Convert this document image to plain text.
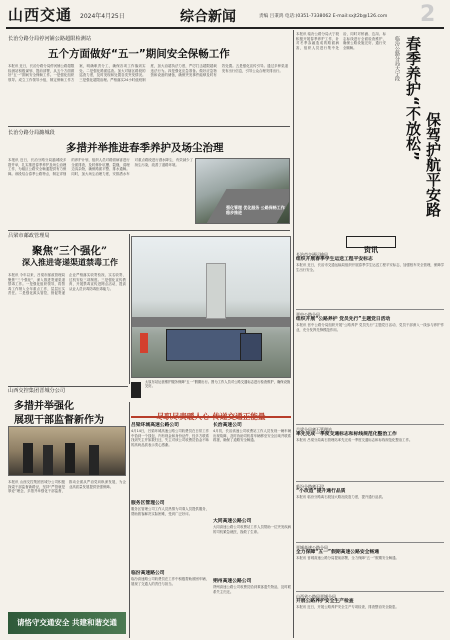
山西交通 2024年4月25日	综合新闻	责编 吕秉鸿 电话:(0351-7338062 E-mail:sxjt2b@126.com 2
长治分路分局停河铺公路超限检测站
五个方面做好“五一”期间安全保畅工作
本报讯 近日，长治分路分局停河铺公路超限检测站积极谋划、提前部署，从五个方面做好“五一”期间安全保畅工作。一是强化组织领导。成立工作领导小组，制定保畅工作方案，明确职责分工，确保各项工作落到实处。二是强化路面巡查。加大对辖区路段的巡查力度，及时发现和处置各类突发情况。三是强化超限治理。严格落实24小时值班制度，加大治超执法力度，严厉打击超限超载违法行为。四是强化应急准备。做好应急物资和设备的储备，确保突发事件能够及时有效处置。五是强化宣传引导。通过多种渠道发布出行信息，引导公众合理安排出行。
长治分路分局潞城段
多措并举推进春季养护及场尘治理
本报讯 近日，长治分路分局潞城段多措并举，扎实推进春季养护及场尘治理工作，为辖区公路安全畅通提供有力保障。该段结合春季公路特点，制定详细的养护计划，组织人员对路面病害进行全面排查，及时修补坑槽、裂缝，清理边沟杂物，确保路面平整、排水通畅。同时，加大场尘治理力度，安排洒水车对重点路段进行洒水降尘，有效减少了扬尘污染，改善了道路环境。
强化管理 优化服务 公路保畅工作稳步推进
本报讯 临汾公路分局大宁段积极开展春季养护工作，针对冬季冻融造成的路面病害，组织人员进行集中处治，同时对桥涵、边沟、标志标线进行全面检查维护，确保公路设施完好、通行安全顺畅。	临汾公路分局大宁段 春季养护“不放松”
保驾护航平安路
资讯
长治市交通运输局
组织开展春季学生运送工程平安标志
本报讯 近日，长治市交通运输局组织开展春季学生运送工程平安标志，加强校车安全管理，保障学生出行安全。
晋中公路分局
组织开展“公路养护 党员先行”主题党日活动
本报讯 晋中公路分局组织开展“公路养护 党员先行”主题党日活动，党员干部深入一线参与养护作业，充分发挥先锋模范作用。
吕梁分局离石管理站
率先完成一季度交通标志和标线规范化整治工作
本报讯 吕梁分局离石管理站率先完成一季度交通标志和标线规范化整治工作。
临汾分路离石段
“小改造”提升通行品质
本报讯 临汾分路离石段加大路况改造力度，提升通行品质。
晋城高速公路分局
全力保障“五一”假期高速公路安全畅通
本报讯 晋城高速公路分局提前部署，全力保障“五一”假期安全畅通。
山西省公路局晋城分局
开展公路养护安全生产检查
本报讯 近日，开展公路养护安全生产专项检查，排查整治安全隐患。
吕梁市邮政管理局
聚焦“三个强化”
深入推进寄递渠道禁毒工作
本报讯 今年以来，吕梁市邮政管理局聚焦“三个强化”，深入推进寄递渠道禁毒工作。一是强化组织领导，将禁毒工作纳入全年重点工作，层层压实责任。二是强化源头管控，督促寄递企业严格落实收寄验视、实名收寄、过机安检三项制度。三是强化宣传教育，开展禁毒宣传进网点活动，提高从业人员识毒防毒拒毒能力。
太原东站运营维护服务保障“五一”假期出行。图为工作人员对公路交通标志进行检查维护，确保设施完好。
山西交控集团晋城分公司
多措并举强化
展现干部监督新作为
本报讯 山西交控集团晋城分公司积极探索干部监督新路径，坚持“严管就是厚爱”理念，多措并举强化干部监督，推动全面从严治党向纵深发展，为企业高质量发展提供坚强保障。
请恪守交通安全 共建和谐交通
尽职尽责暖人心 传递交通正能量
吕梁环城高速公路公司
4月14日，吕梁环城高速公路公司收费员在日常工作中拾到一个钱包，内有现金和身份证件，经多方联系找到失主并如数归还，失主对该公司收费员拾金不昧的高尚品质表示衷心感谢。
服务区管理公司
服务区管理公司工作人员热情为司乘人员提供服务，帮助旅客解决实际困难，受到广泛好评。
临汾高速路公司
临汾高速路公司收费员在工作中积极帮助被困车辆，展现了交通人的责任与担当。
长治高速公司
4月初，长治高速公司收费站工作人员发现一辆车辆出现故障，及时协助司机将车辆移至安全区域并联系救援，确保了道路安全畅通。
大同高速公路公司
大同高速公路公司收费站工作人员帮助一位突发疾病的司机紧急就医，挽救了生命。
朔州高速公路公司
朔州高速公路公司收费员拾到乘客遗失物品，及时联系失主归还。
